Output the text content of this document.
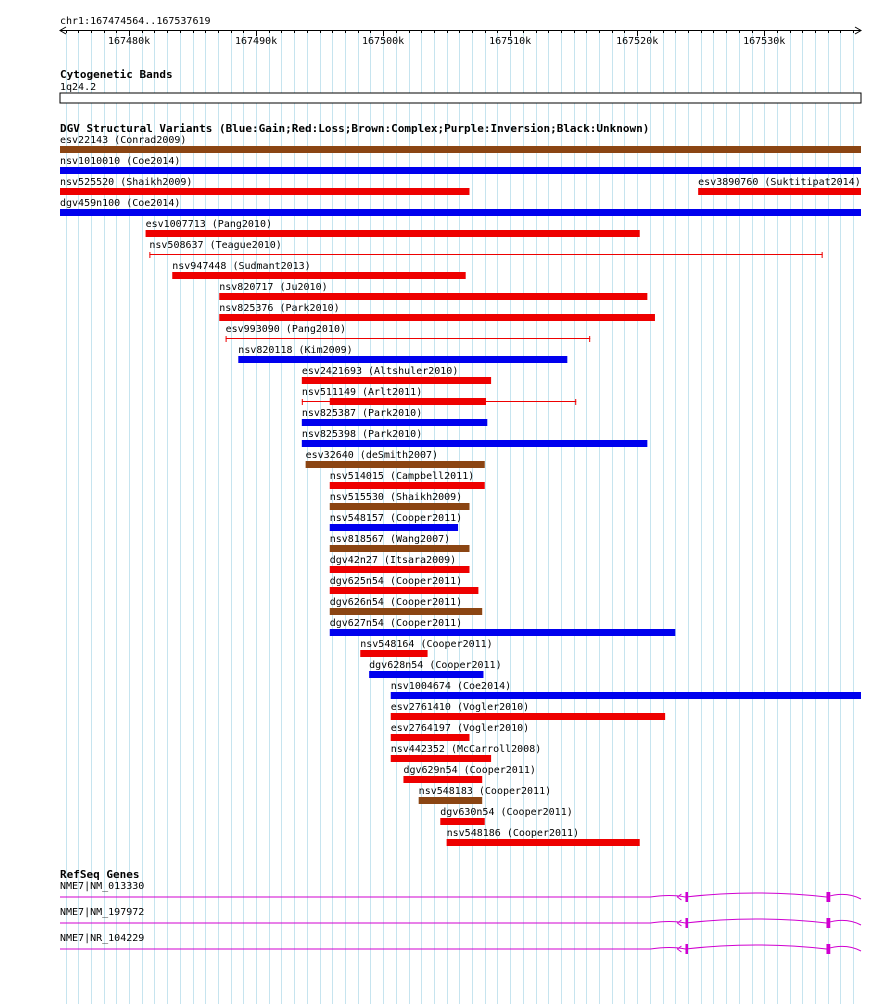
chr1:167474564..167537619
167480k	167490k	167500k	167510k	167520k	167530k
Cytogenetic Bands
1q24.2
DGV Structural Variants (Blue:Gain;Red:Loss;Brown:Complex;Purple:Inversion;Black:Unknown)
esv22143 (Conrad2009)
nsv1010010 (Coe2014)
nsv525520 (Shaikh2009)	esv3890760 (Suktitipat2014)
dgv459n100 (Coe2014)
esv1007713 (Pang2010)
nsv508637 (Teague2010)
nsv947448 (Sudmant2013)
nsv820717 (Ju2010)
nsv825376 (Park2010)
esv993090 (Pang2010)
nsv820118 (Kim2009)
esv2421693 (Altshuler2010)
nsv511149 (Arlt2011)
nsv825387 (Park2010)
nsv825398 (Park2010)
esv32640 (deSmith2007)
nsv514015 (Campbell2011)
nsv515530 (Shaikh2009)
nsv548157 (Cooper2011)
nsv818567 (Wang2007)
dgv42n27 (Itsara2009)
dgv625n54 (Cooper2011)
dgv626n54 (Cooper2011)
dgv627n54 (Cooper2011)
nsv548164 (Cooper2011)
dgv628n54 (Cooper2011)
nsv1004674 (Coe2014)
esv2761410 (Vogler2010)
esv2764197 (Vogler2010)
nsv442352 (McCarroll2008)
dgv629n54 (Cooper2011)
nsv548183 (Cooper2011)
dgv630n54 (Cooper2011)
nsv548186 (Cooper2011)
RefSeq Genes
NME7|NM_013330
NME7|NM_197972
NME7|NR_104229
